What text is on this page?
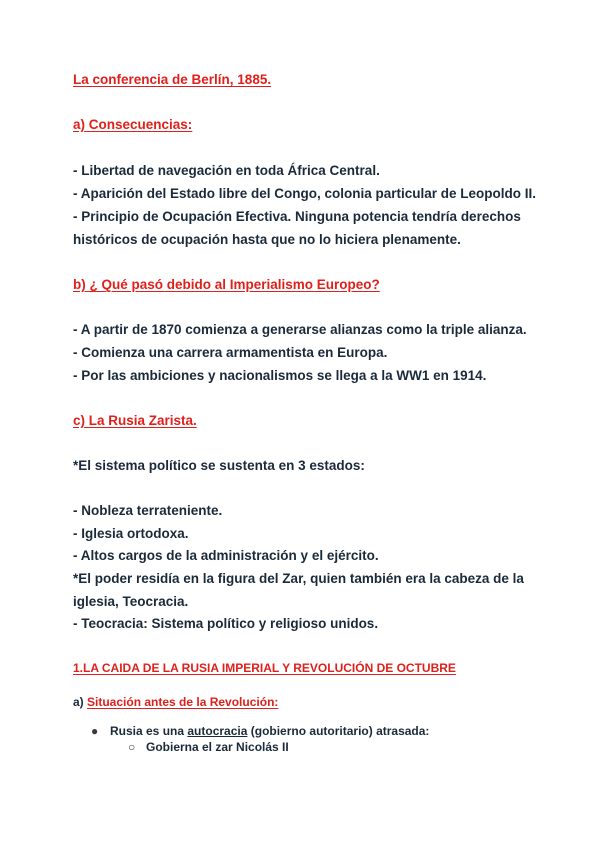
La conferencia de Berlín, 1885.
a) Consecuencias:
- Libertad de navegación en toda África Central.
- Aparición del Estado libre del Congo, colonia particular de Leopoldo II.
- Principio de Ocupación Efectiva. Ninguna potencia tendría derechos
históricos de ocupación hasta que no lo hiciera plenamente.
b) ¿ Qué pasó debido al Imperialismo Europeo?
- A partir de 1870 comienza a generarse alianzas como la triple alianza.
- Comienza una carrera armamentista en Europa.
- Por las ambiciones y nacionalismos se llega a la WW1 en 1914.
c) La Rusia Zarista.
*El sistema político se sustenta en 3 estados:
- Nobleza terrateniente.
- Iglesia ortodoxa.
- Altos cargos de la administración y el ejército.
*El poder residía en la figura del Zar, quien también era la cabeza de la
iglesia, Teocracia.
- Teocracia: Sistema político y religioso unidos.
1.LA CAIDA DE LA RUSIA IMPERIAL Y REVOLUCIÓN DE OCTUBRE
a) Situación antes de la Revolución:
● Rusia es una autocracia (gobierno autoritario) atrasada:
○ Gobierna el zar Nicolás II
